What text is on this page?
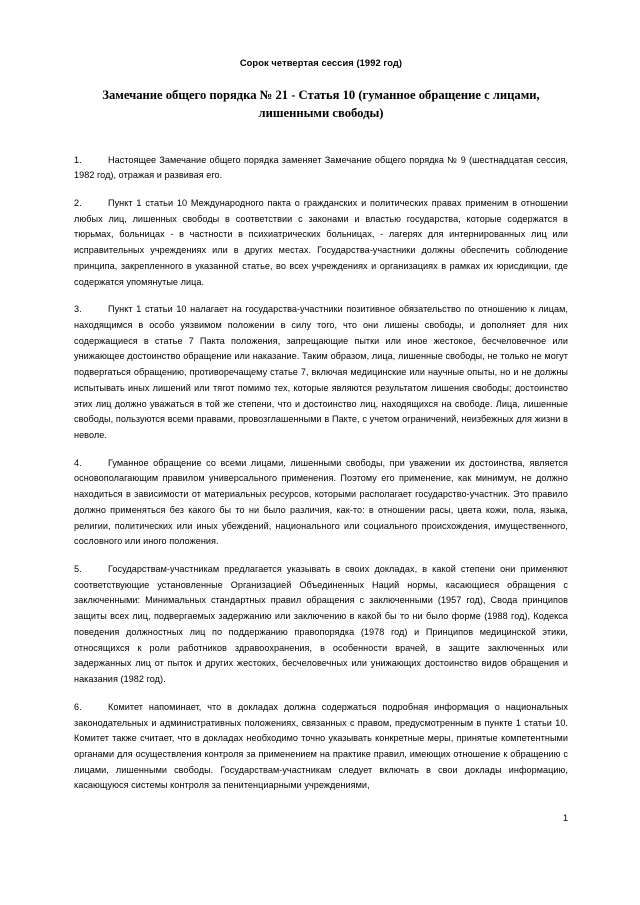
Сорок четвертая сессия (1992 год)
Замечание общего порядка № 21 - Статья 10 (гуманное обращение с лицами, лишенными свободы)
1.	Настоящее Замечание общего порядка заменяет Замечание общего порядка № 9 (шестнадцатая сессия, 1982 год), отражая и развивая его.
2.	Пункт 1 статьи 10 Международного пакта о гражданских и политических правах применим в отношении любых лиц, лишенных свободы в соответствии с законами и властью государства, которые содержатся в тюрьмах, больницах - в частности в психиатрических больницах, - лагерях для интернированных лиц или исправительных учреждениях или в других местах. Государства-участники должны обеспечить соблюдение принципа, закрепленного в указанной статье, во всех учреждениях и организациях в рамках их юрисдикции, где содержатся упомянутые лица.
3.	Пункт 1 статьи 10 налагает на государства-участники позитивное обязательство по отношению к лицам, находящимся в особо уязвимом положении в силу того, что они лишены свободы, и дополняет для них содержащиеся в статье 7 Пакта положения, запрещающие пытки или иное жестокое, бесчеловечное или унижающее достоинство обращение или наказание. Таким образом, лица, лишенные свободы, не только не могут подвергаться обращению, противоречащему статье 7, включая медицинские или научные опыты, но и не должны испытывать иных лишений или тягот помимо тех, которые являются результатом лишения свободы; достоинство этих лиц должно уважаться в той же степени, что и достоинство лиц, находящихся на свободе. Лица, лишенные свободы, пользуются всеми правами, провозглашенными в Пакте, с учетом ограничений, неизбежных для жизни в неволе.
4.	Гуманное обращение со всеми лицами, лишенными свободы, при уважении их достоинства, является основополагающим правилом универсального применения. Поэтому его применение, как минимум, не должно находиться в зависимости от материальных ресурсов, которыми располагает государство-участник. Это правило должно применяться без какого бы то ни было различия, как-то: в отношении расы, цвета кожи, пола, языка, религии, политических или иных убеждений, национального или социального происхождения, имущественного, сословного или иного положения.
5.	Государствам-участникам предлагается указывать в своих докладах, в какой степени они применяют соответствующие установленные Организацией Объединенных Наций нормы, касающиеся обращения с заключенными: Минимальных стандартных правил обращения с заключенными (1957 год), Свода принципов защиты всех лиц, подвергаемых задержанию или заключению в какой бы то ни было форме (1988 год), Кодекса поведения должностных лиц по поддержанию правопорядка (1978 год) и Принципов медицинской этики, относящихся к роли работников здравоохранения, в особенности врачей, в защите заключенных или задержанных лиц от пыток и других жестоких, бесчеловечных или унижающих достоинство видов обращения и наказания (1982 год).
6.	Комитет напоминает, что в докладах должна содержаться подробная информация о национальных законодательных и административных положениях, связанных с правом, предусмотренным в пункте 1 статьи 10. Комитет также считает, что в докладах необходимо точно указывать конкретные меры, принятые компетентными органами для осуществления контроля за применением на практике правил, имеющих отношение к обращению с лицами, лишенными свободы. Государствам-участникам следует включать в свои доклады информацию, касающуюся системы контроля за пенитенциарными учреждениями,
1
